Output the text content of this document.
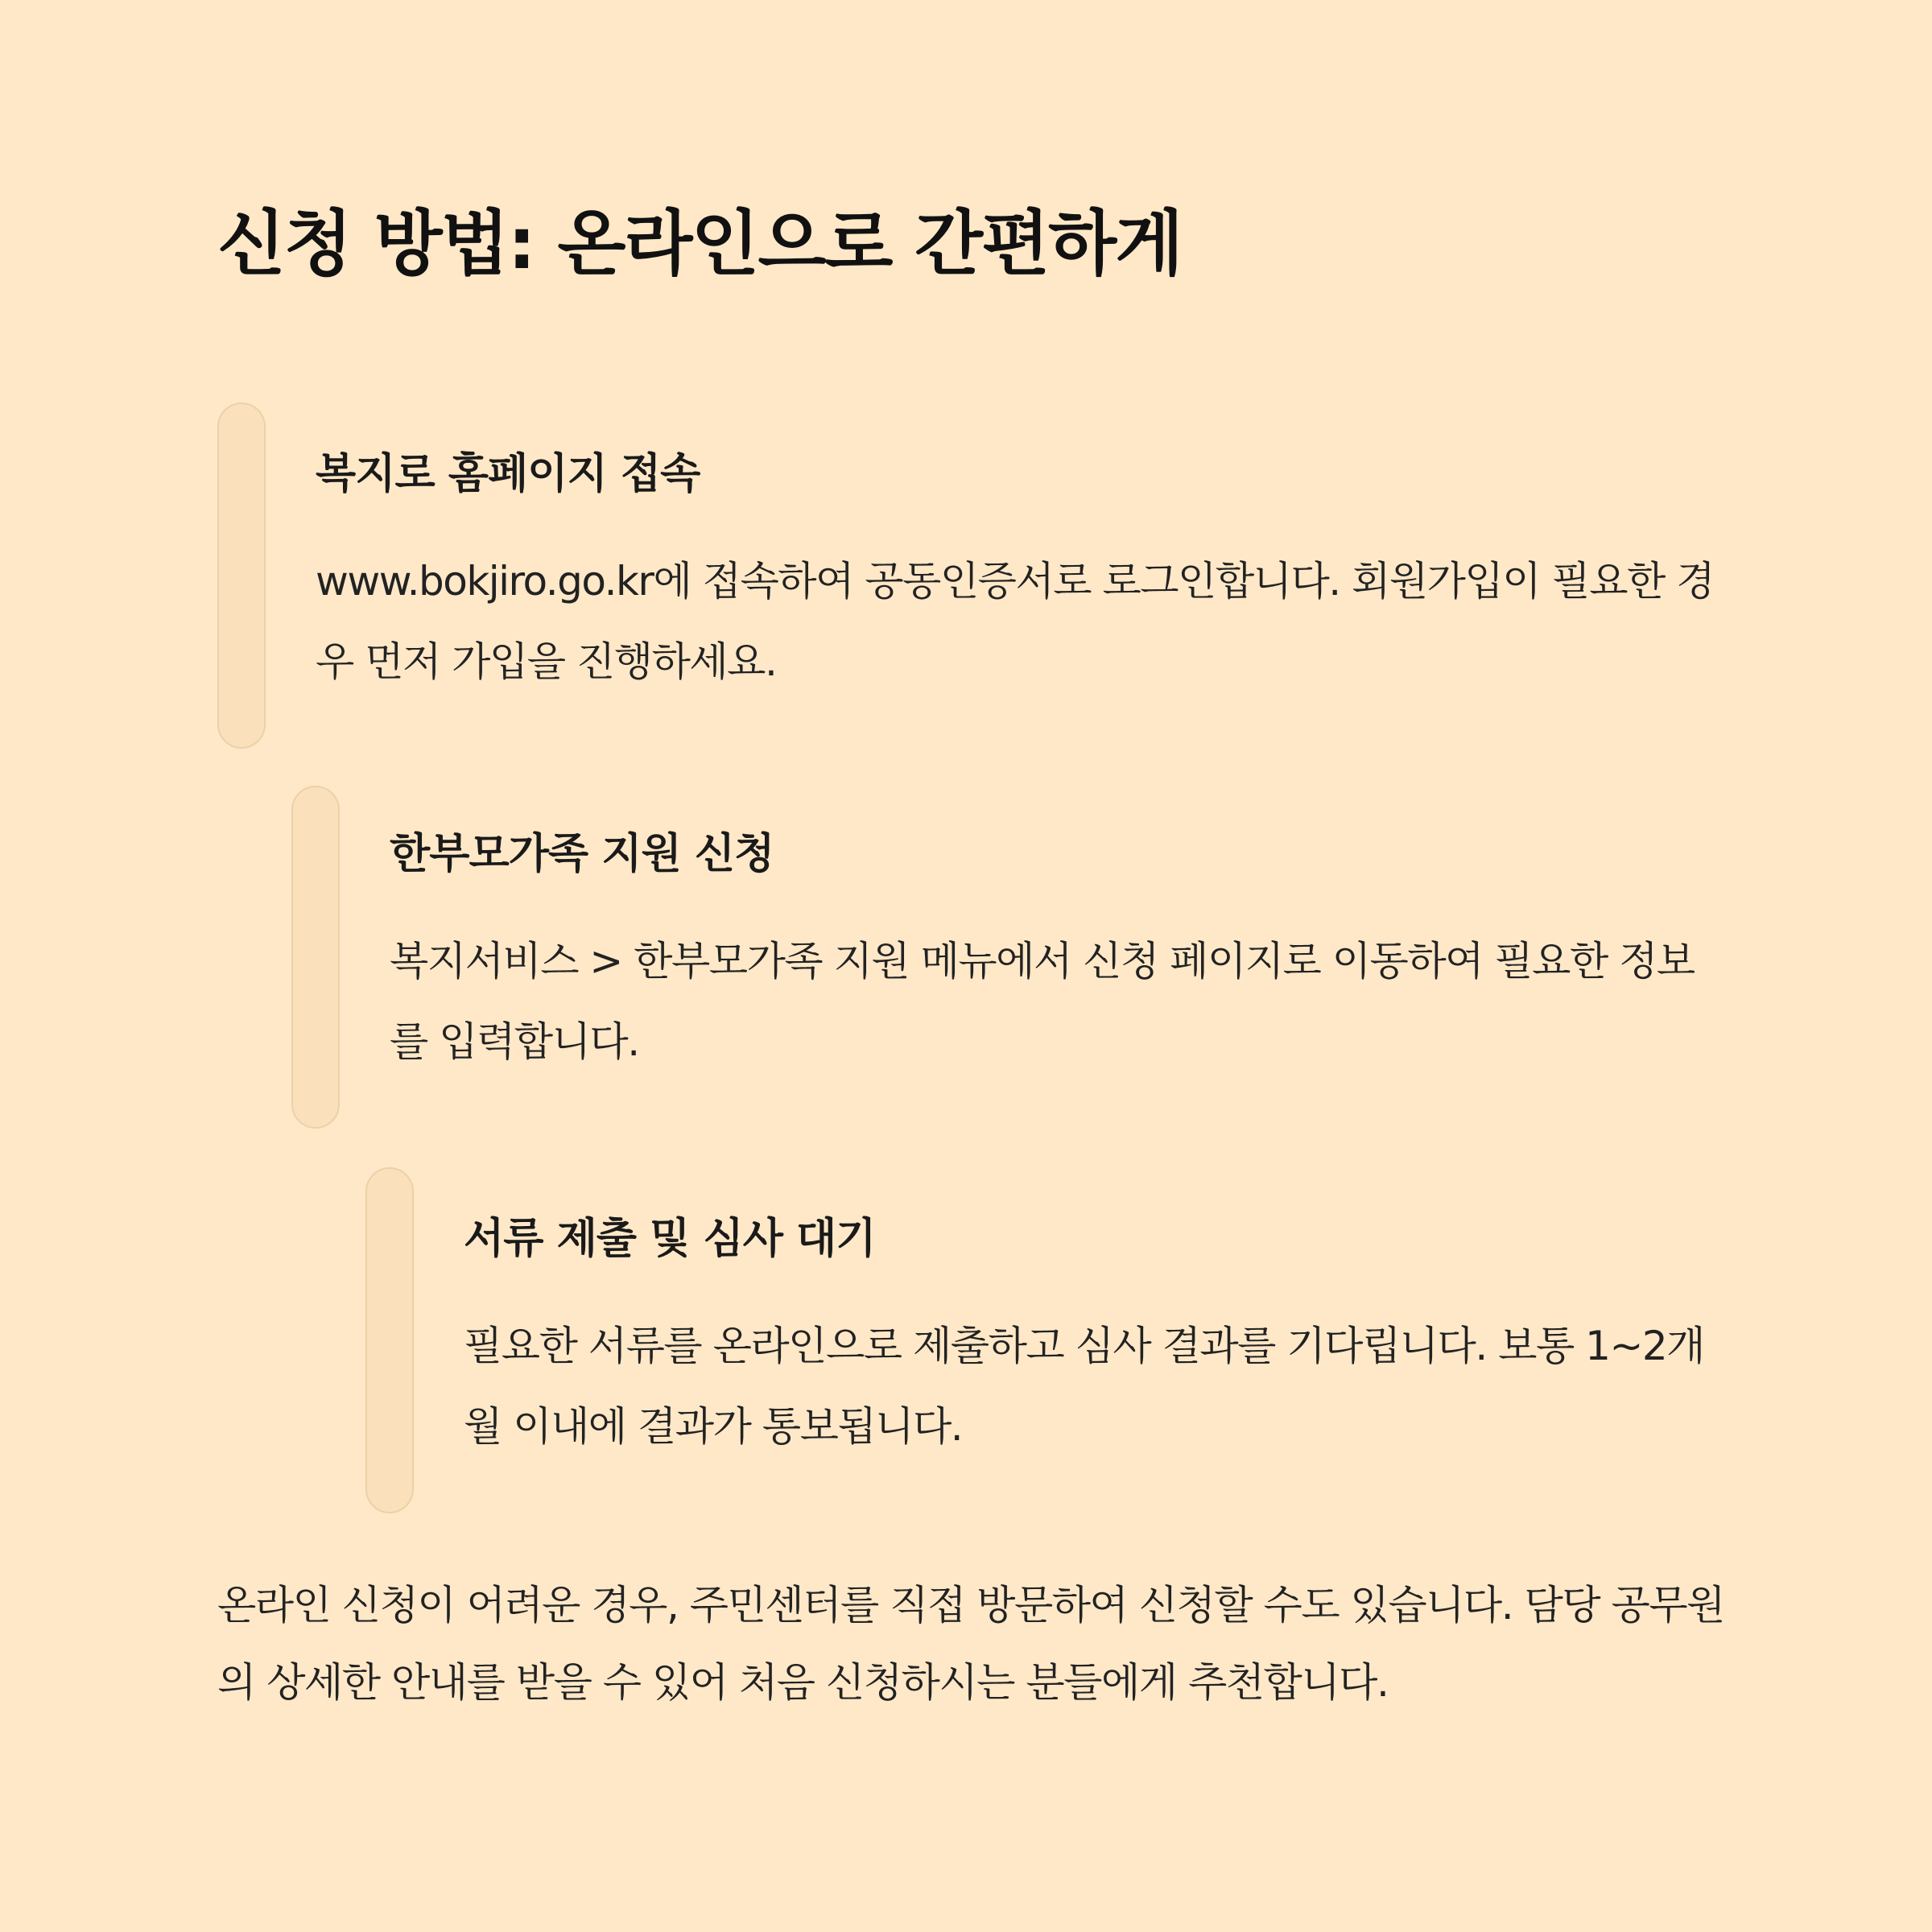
신청 방법: 온라인으로 간편하게
복지로 홈페이지 접속

www.bokjiro.go.kr에 접속하여 공동인증서로 로그인합니다. 회원가입이 필요한 경우 먼저 가입을 진행하세요.

한부모가족 지원 신청

복지서비스 > 한부모가족 지원 메뉴에서 신청 페이지로 이동하여 필요한 정보를 입력합니다.

서류 제출 및 심사 대기

필요한 서류를 온라인으로 제출하고 심사 결과를 기다립니다. 보통 1~2개월 이내에 결과가 통보됩니다.

온라인 신청이 어려운 경우, 주민센터를 직접 방문하여 신청할 수도 있습니다. 담당 공무원의 상세한 안내를 받을 수 있어 처음 신청하시는 분들에게 추천합니다.
